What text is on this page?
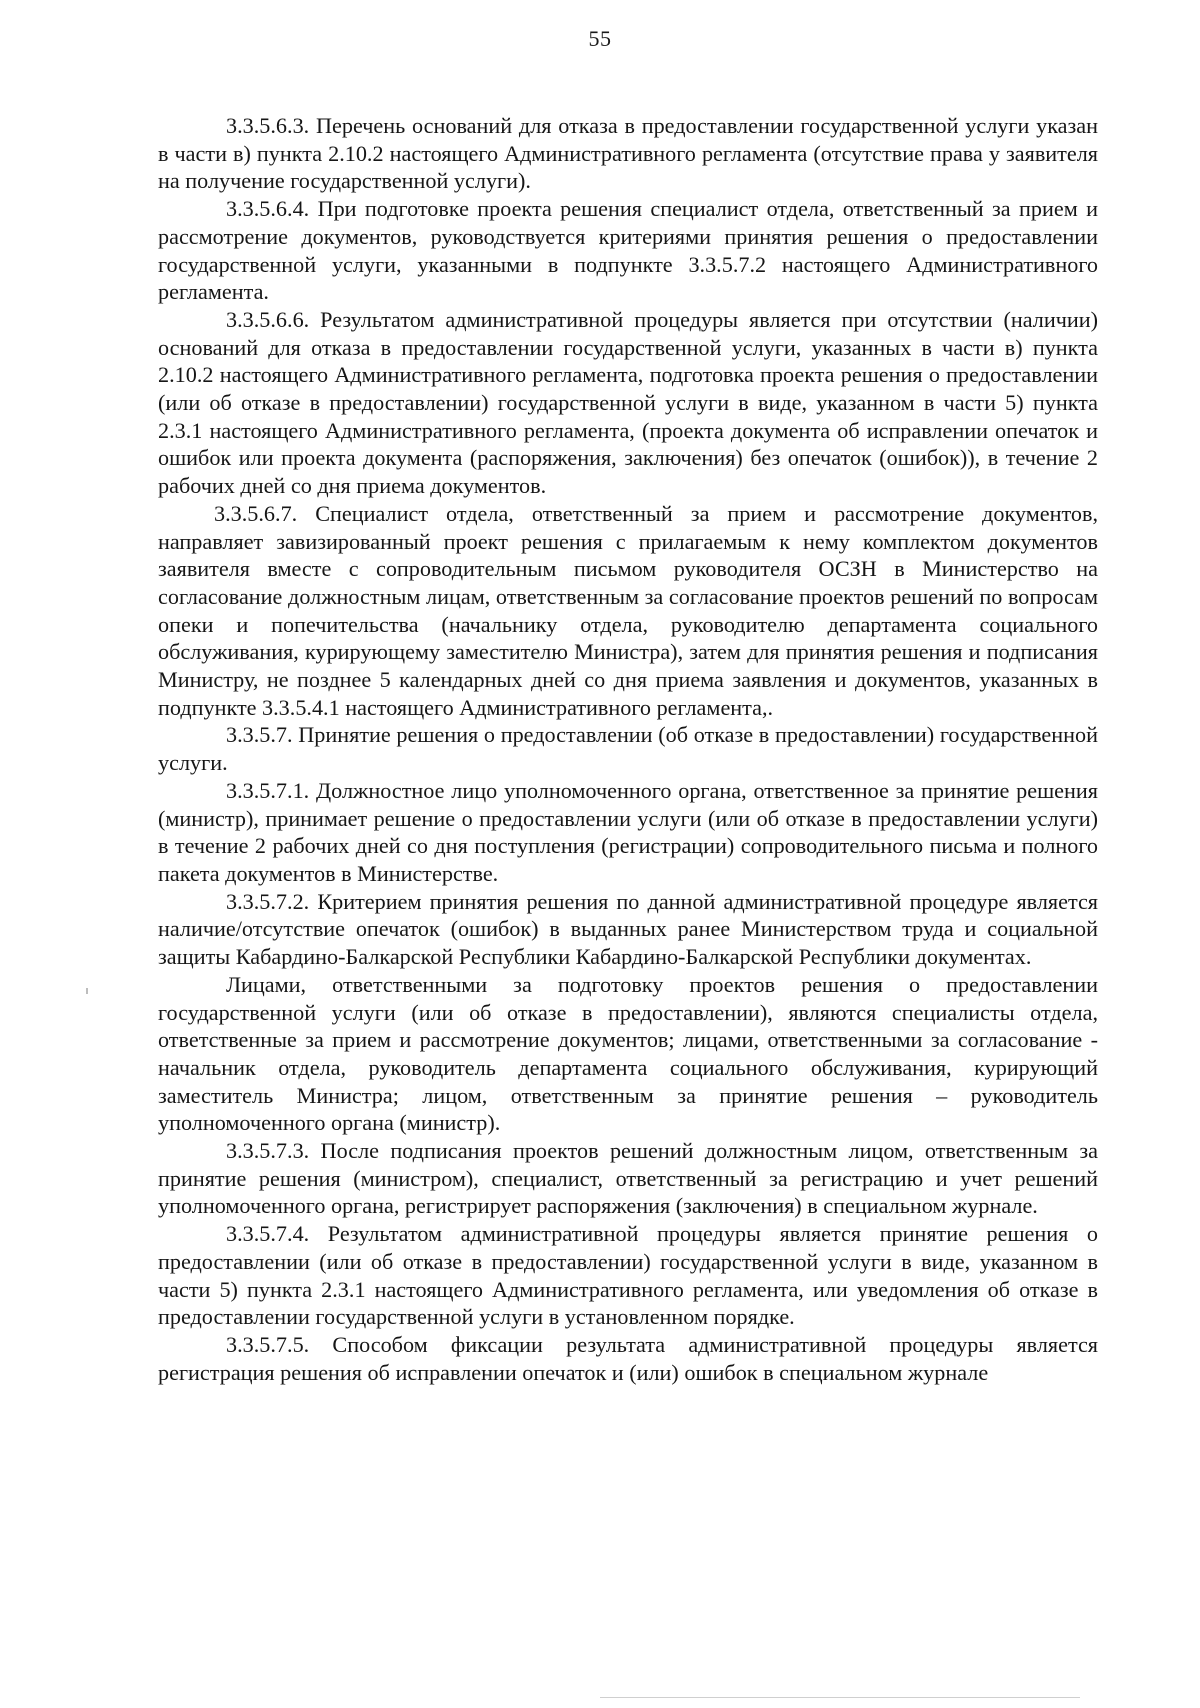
55

3.3.5.6.3. Перечень оснований для отказа в предоставлении государственной услуги указан в части в) пункта 2.10.2 настоящего Административного регламента (отсутствие права у заявителя на получение государственной услуги).

3.3.5.6.4. При подготовке проекта решения специалист отдела, ответственный за прием и рассмотрение документов, руководствуется критериями принятия решения о предоставлении государственной услуги, указанными в подпункте 3.3.5.7.2 настоящего Административного регламента.

3.3.5.6.6. Результатом административной процедуры является при отсутствии (наличии) оснований для отказа в предоставлении государственной услуги, указанных в части в) пункта 2.10.2 настоящего Административного регламента, подготовка проекта решения о предоставлении (или об отказе в предоставлении) государственной услуги в виде, указанном в части 5) пункта 2.3.1 настоящего Административного регламента, (проекта документа об исправлении опечаток и ошибок или проекта документа (распоряжения, заключения) без опечаток (ошибок)), в течение 2 рабочих дней со дня приема документов.

3.3.5.6.7. Специалист отдела, ответственный за прием и рассмотрение документов, направляет завизированный проект решения с прилагаемым к нему комплектом документов заявителя вместе с сопроводительным письмом руководителя ОСЗН в Министерство на согласование должностным лицам, ответственным за согласование проектов решений по вопросам опеки и попечительства (начальнику отдела, руководителю департамента социального обслуживания, курирующему заместителю Министра), затем для принятия решения и подписания Министру, не позднее 5 календарных дней со дня приема заявления и документов, указанных в подпункте 3.3.5.4.1 настоящего Административного регламента,.

3.3.5.7. Принятие решения о предоставлении (об отказе в предоставлении) государственной услуги.

3.3.5.7.1. Должностное лицо уполномоченного органа, ответственное за принятие решения (министр), принимает решение о предоставлении услуги (или об отказе в предоставлении услуги) в течение 2 рабочих дней со дня поступления (регистрации) сопроводительного письма и полного пакета документов в Министерстве.

3.3.5.7.2. Критерием принятия решения по данной административной процедуре является наличие/отсутствие опечаток (ошибок) в выданных ранее Министерством труда и социальной защиты Кабардино-Балкарской Республики Кабардино-Балкарской Республики документах.

Лицами, ответственными за подготовку проектов решения о предоставлении государственной услуги (или об отказе в предоставлении), являются специалисты отдела, ответственные за прием и рассмотрение документов; лицами, ответственными за согласование - начальник отдела, руководитель департамента социального обслуживания, курирующий заместитель Министра; лицом, ответственным за принятие решения – руководитель уполномоченного органа (министр).

3.3.5.7.3. После подписания проектов решений должностным лицом, ответственным за принятие решения (министром), специалист, ответственный за регистрацию и учет решений уполномоченного органа, регистрирует распоряжения (заключения) в специальном журнале.

3.3.5.7.4. Результатом административной процедуры является принятие решения о предоставлении (или об отказе в предоставлении) государственной услуги в виде, указанном в части 5) пункта 2.3.1 настоящего Административного регламента, или уведомления об отказе в предоставлении государственной услуги в установленном порядке.

3.3.5.7.5. Способом фиксации результата административной процедуры является регистрация решения об исправлении опечаток и (или) ошибок в специальном журнале
